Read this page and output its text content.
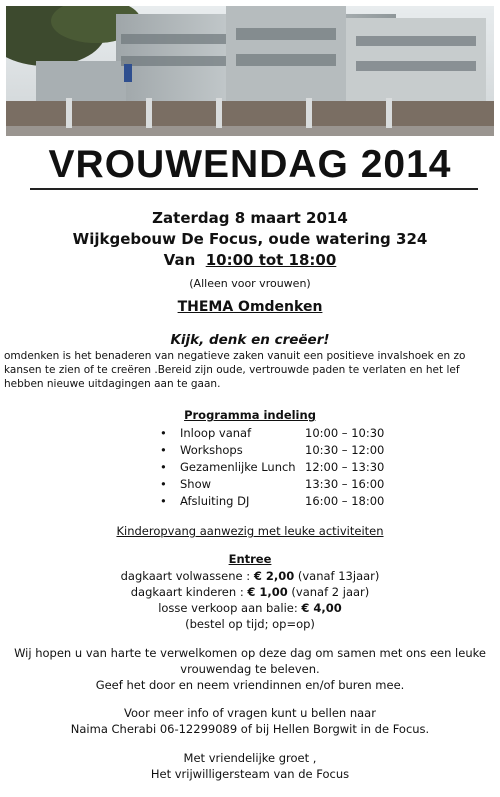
VROUWENDAG 2014
Zaterdag 8 maart 2014
Wijkgebouw De Focus, oude watering 324
Van 10:00 tot 18:00
(Alleen voor vrouwen)
THEMA Omdenken
Kijk, denk en creëer!
omdenken is het benaderen van negatieve zaken vanuit een positieve invalshoek en zo kansen te zien of te creëren .Bereid zijn oude, vertrouwde paden te verlaten en het lef hebben nieuwe uitdagingen aan te gaan.
Programma indeling
•	Inloop vanaf	10:00 – 10:30
•	Workshops	10:30 – 12:00
•	Gezamenlijke Lunch 12:00 – 13:30
•	Show	13:30 – 16:00
•	Afsluiting DJ	16:00 – 18:00
Kinderopvang aanwezig met leuke activiteiten
Entree
dagkaart volwassene : € 2,00 (vanaf 13jaar)
dagkaart kinderen : € 1,00 (vanaf 2 jaar)
losse verkoop aan balie: € 4,00
(bestel op tijd; op=op)
Wij hopen u van harte te verwelkomen op deze dag om samen met ons een leuke
vrouwendag te beleven.
Geef het door en neem vriendinnen en/of buren mee.
Voor meer info of vragen kunt u bellen naar
Naima Cherabi 06-12299089 of bij Hellen Borgwit in de Focus.
Met vriendelijke groet ,
Het vrijwilligersteam van de Focus
